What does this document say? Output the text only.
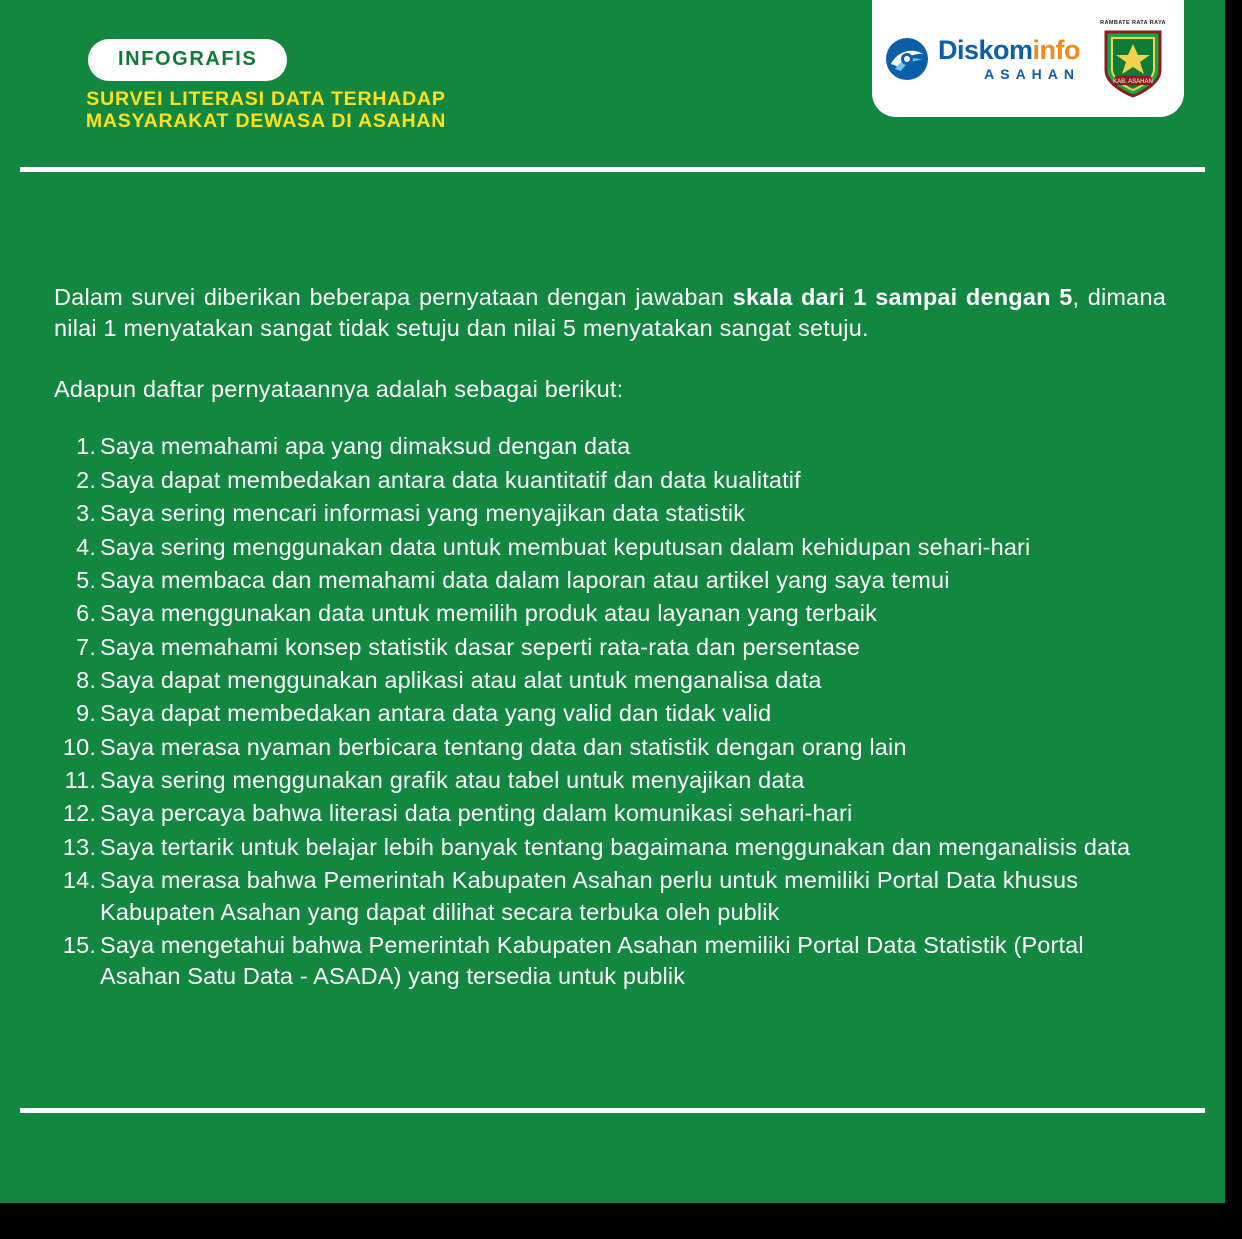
INFOGRAFIS
SURVEI LITERASI DATA TERHADAP MASYARAKAT DEWASA DI ASAHAN
Diskominfo
ASAHAN
RAMBATE RATA RAYA
KAB. ASAHAN

Dalam survei diberikan beberapa pernyataan dengan jawaban skala dari 1 sampai dengan 5, dimana nilai 1 menyatakan sangat tidak setuju dan nilai 5 menyatakan sangat setuju.

Adapun daftar pernyataannya adalah sebagai berikut:

Saya memahami apa yang dimaksud dengan data
Saya dapat membedakan antara data kuantitatif dan data kualitatif
Saya sering mencari informasi yang menyajikan data statistik
Saya sering menggunakan data untuk membuat keputusan dalam kehidupan sehari-hari
Saya membaca dan memahami data dalam laporan atau artikel yang saya temui
Saya menggunakan data untuk memilih produk atau layanan yang terbaik
Saya memahami konsep statistik dasar seperti rata-rata dan persentase
Saya dapat menggunakan aplikasi atau alat untuk menganalisa data
Saya dapat membedakan antara data yang valid dan tidak valid
Saya merasa nyaman berbicara tentang data dan statistik dengan orang lain
Saya sering menggunakan grafik atau tabel untuk menyajikan data
Saya percaya bahwa literasi data penting dalam komunikasi sehari-hari
Saya tertarik untuk belajar lebih banyak tentang bagaimana menggunakan dan menganalisis data
Saya merasa bahwa Pemerintah Kabupaten Asahan perlu untuk memiliki Portal Data khusus Kabupaten Asahan yang dapat dilihat secara terbuka oleh publik
Saya mengetahui bahwa Pemerintah Kabupaten Asahan memiliki Portal Data Statistik (Portal Asahan Satu Data - ASADA) yang tersedia untuk publik
